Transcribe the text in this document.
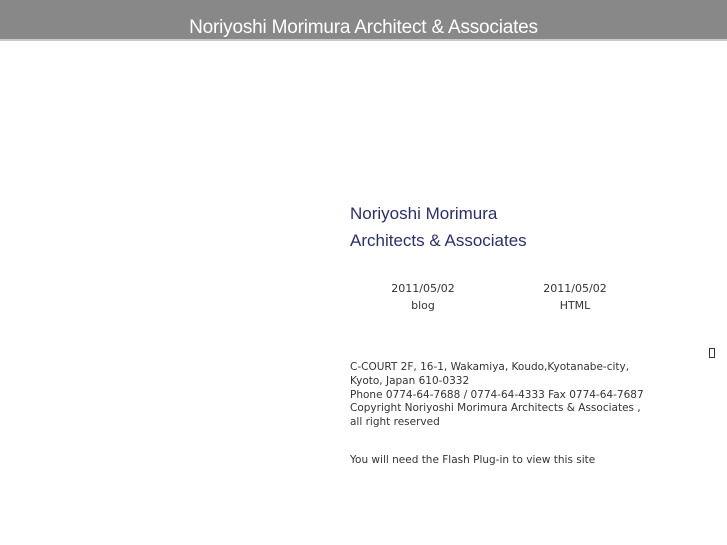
Noriyoshi Morimura Architect & Associates
Noriyoshi Morimura
Architects & Associates
2011/05/02
blog
2011/05/02
HTML
C-COURT 2F, 16-1, Wakamiya, Koudo,Kyotanabe-city,
Kyoto, Japan 610-0332
Phone 0774-64-7688 / 0774-64-4333 Fax 0774-64-7687
Copyright Noriyoshi Morimura Architects & Associates ,
all right reserved
You will need the Flash Plug-in to view this site
